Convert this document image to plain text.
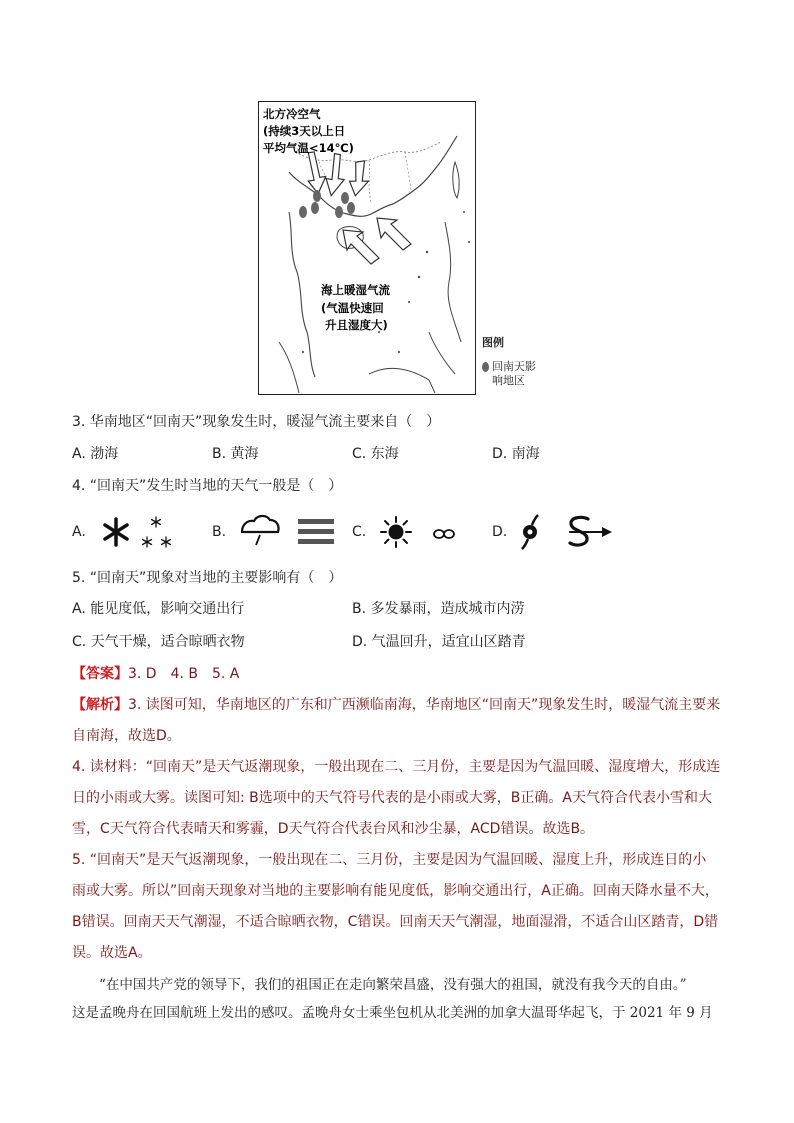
北方冷空气
(持续3天以上日
平均气温<14℃)
海上暖湿气流
(气温快速回
升且湿度大)
图例
回南天影
响地区
3. 华南地区“回南天”现象发生时，暖湿气流主要来自（　）
A. 渤海	B. 黄海	C. 东海	D. 南海
4. “回南天”发生时当地的天气一般是（　）
A.	B.	C.	D.
5. “回南天”现象对当地的主要影响有（　）
A. 能见度低，影响交通出行	B. 多发暴雨，造成城市内涝
C. 天气干燥，适合晾晒衣物	D. 气温回升，适宜山区踏青
【答案】3. D　4. B　5. A
【解析】3. 读图可知，华南地区的广东和广西濒临南海，华南地区“回南天”现象发生时，暖湿气流主要来
自南海，故选D。
4. 读材料：“回南天”是天气返潮现象，一般出现在二、三月份，主要是因为气温回暖、湿度增大，形成连
日的小雨或大雾。读图可知: B选项中的天气符号代表的是小雨或大雾，B正确。A天气符合代表小雪和大
雪，C天气符合代表晴天和雾霾，D天气符合代表台风和沙尘暴，ACD错误。故选B。
5. “回南天”是天气返潮现象，一般出现在二、三月份，主要是因为气温回暖、湿度上升，形成连日的小
雨或大雾。所以”回南天现象对当地的主要影响有能见度低，影响交通出行，A正确。回南天降水量不大，
B错误。回南天天气潮湿，不适合晾晒衣物，C错误。回南天天气潮湿，地面湿滑，不适合山区踏青，D错
误。故选A。
　　“在中国共产党的领导下，我们的祖国正在走向繁荣昌盛，没有强大的祖国，就没有我今天的自由。”
这是孟晚舟在回国航班上发出的感叹。孟晚舟女士乘坐包机从北美洲的加拿大温哥华起飞，于 2021 年 9 月
